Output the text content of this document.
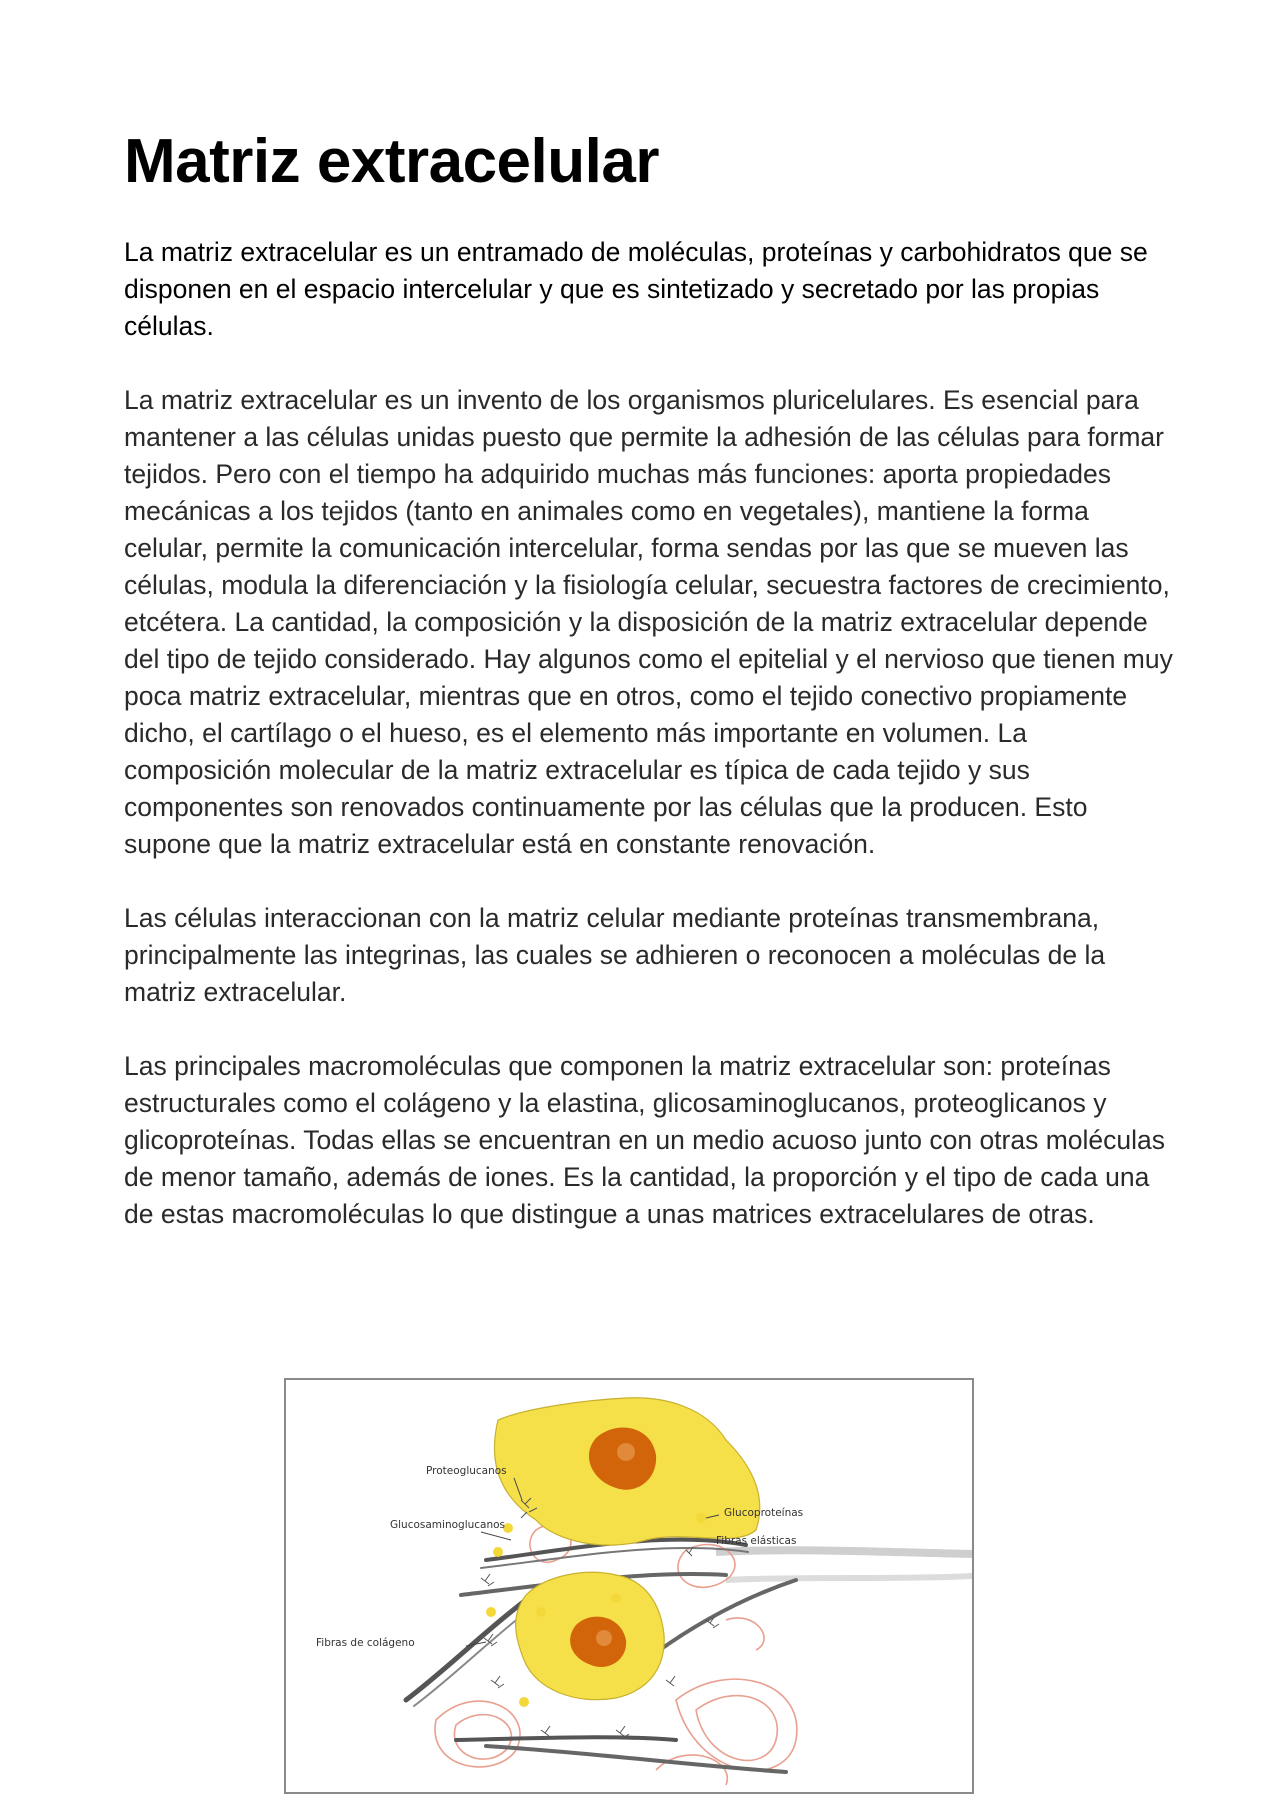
Matriz extracelular

La matriz extracelular es un entramado de moléculas, proteínas y carbohidratos que se disponen en el espacio intercelular y que es sintetizado y secretado por las propias células.

La matriz extracelular es un invento de los organismos pluricelulares. Es esencial para mantener a las células unidas puesto que permite la adhesión de las células para formar tejidos. Pero con el tiempo ha adquirido muchas más funciones: aporta propiedades mecánicas a los tejidos (tanto en animales como en vegetales), mantiene la forma celular, permite la comunicación intercelular, forma sendas por las que se mueven las células, modula la diferenciación y la fisiología celular, secuestra factores de crecimiento, etcétera. La cantidad, la composición y la disposición de la matriz extracelular depende del tipo de tejido considerado. Hay algunos como el epitelial y el nervioso que tienen muy poca matriz extracelular, mientras que en otros, como el tejido conectivo propiamente dicho, el cartílago o el hueso, es el elemento más importante en volumen. La composición molecular de la matriz extracelular es típica de cada tejido y sus componentes son renovados continuamente por las células que la producen. Esto supone que la matriz extracelular está en constante renovación.

Las células interaccionan con la matriz celular mediante proteínas transmembrana, principalmente las integrinas, las cuales se adhieren o reconocen a moléculas de la matriz extracelular.

Las principales macromoléculas que componen la matriz extracelular son: proteínas estructurales como el colágeno y la elastina, glicosaminoglucanos, proteoglicanos y glicoproteínas. Todas ellas se encuentran en un medio acuoso junto con otras moléculas de menor tamaño, además de iones. Es la cantidad, la proporción y el tipo de cada una de estas macromoléculas lo que distingue a unas matrices extracelulares de otras.

Proteoglucanos
Glucosaminoglucanos
Fibras de colágeno
Glucoproteínas
Fibras elásticas
